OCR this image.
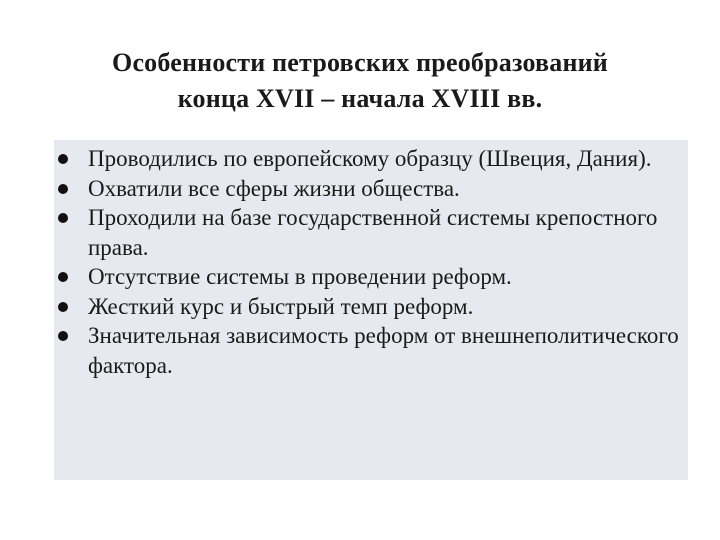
Особенности петровских преобразований
конца XVII – начала XVIII вв.
Проводились по европейскому образцу (Швеция, Дания).
Охватили все сферы жизни общества.
Проходили на базе государственной системы крепостного права.
Отсутствие системы в проведении реформ.
Жесткий курс и быстрый темп реформ.
Значительная зависимость реформ от внешнеполитического фактора.
